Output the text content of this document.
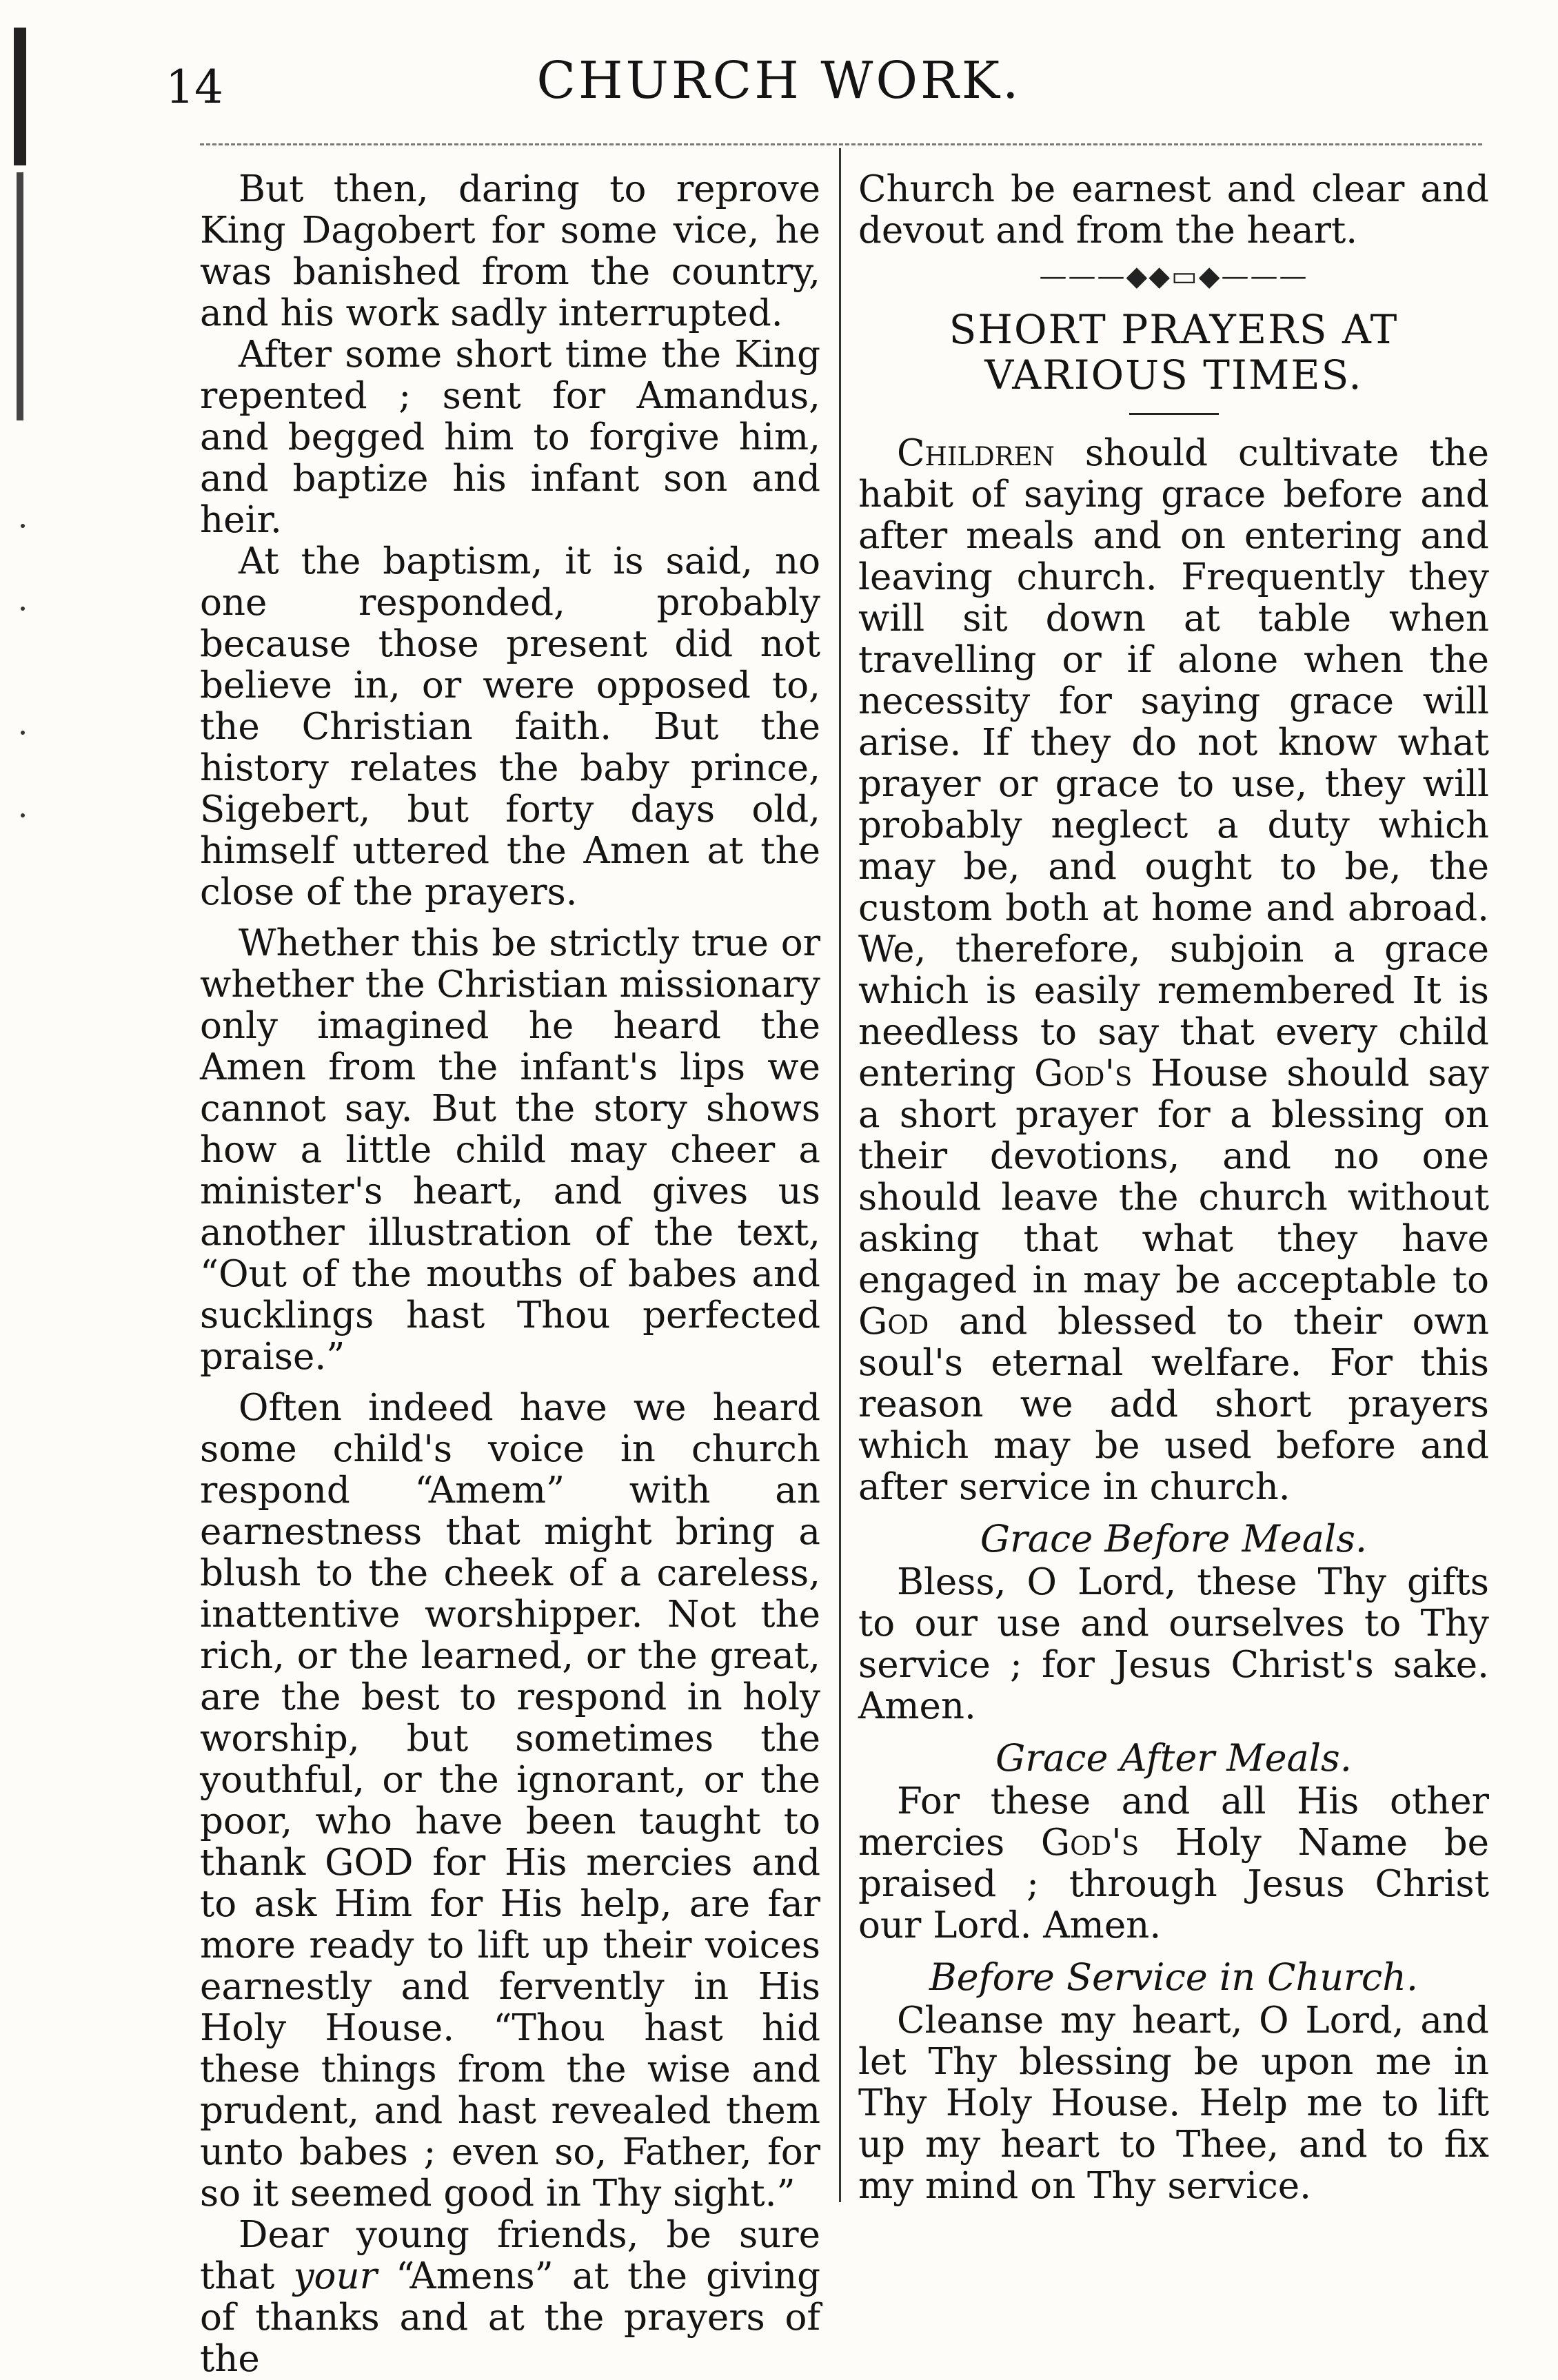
14	CHURCH WORK.

But then, daring to reprove King Dagobert for some vice, he was banished from the country, and his work sadly interrupted.

After some short time the King repented ; sent for Amandus, and begged him to forgive him, and baptize his infant son and heir.

At the baptism, it is said, no one responded, probably because those present did not believe in, or were opposed to, the Christian faith. But the history relates the baby prince, Sigebert, but forty days old, himself uttered the Amen at the close of the prayers.

Whether this be strictly true or whether the Christian missionary only imagined he heard the Amen from the infant's lips we cannot say. But the story shows how a little child may cheer a minister's heart, and gives us another illustration of the text, “Out of the mouths of babes and sucklings hast Thou perfected praise.”

Often indeed have we heard some child's voice in church respond “Amem” with an earnestness that might bring a blush to the cheek of a careless, inattentive worshipper. Not the rich, or the learned, or the great, are the best to respond in holy worship, but sometimes the youthful, or the ignorant, or the poor, who have been taught to thank GOD for His mercies and to ask Him for His help, are far more ready to lift up their voices earnestly and fervently in His Holy House. “Thou hast hid these things from the wise and prudent, and hast revealed them unto babes ; even so, Father, for so it seemed good in Thy sight.”

Dear young friends, be sure that your “Amens” at the giving of thanks and at the prayers of the

Church be earnest and clear and devout and from the heart.

———◆◆▭◆———
SHORT PRAYERS AT VARIOUS TIMES.

Children should cultivate the habit of saying grace before and after meals and on entering and leaving church. Frequently they will sit down at table when travelling or if alone when the necessity for saying grace will arise. If they do not know what prayer or grace to use, they will probably neglect a duty which may be, and ought to be, the custom both at home and abroad. We, therefore, subjoin a grace which is easily remembered It is needless to say that every child entering God's House should say a short prayer for a blessing on their devotions, and no one should leave the church without asking that what they have engaged in may be acceptable to God and blessed to their own soul's eternal welfare. For this reason we add short prayers which may be used before and after service in church.

Grace Before Meals.

Bless, O Lord, these Thy gifts to our use and ourselves to Thy service ; for Jesus Christ's sake. Amen.

Grace After Meals.

For these and all His other mercies God's Holy Name be praised ; through Jesus Christ our Lord. Amen.

Before Service in Church.

Cleanse my heart, O Lord, and let Thy blessing be upon me in Thy Holy House. Help me to lift up my heart to Thee, and to fix my mind on Thy service.
